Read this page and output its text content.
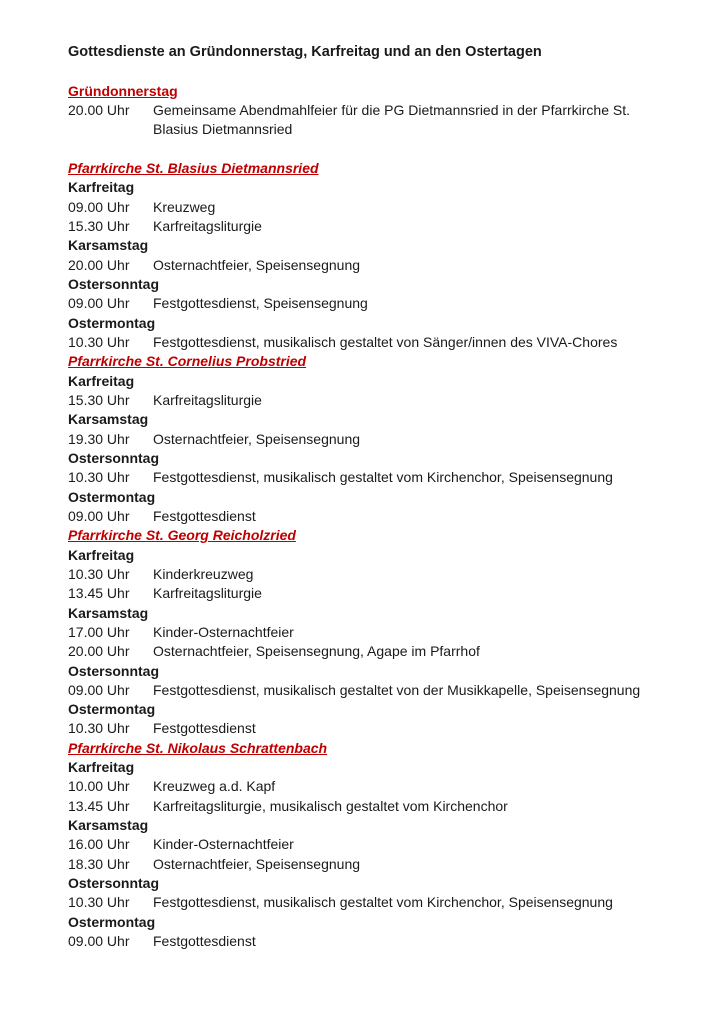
Gottesdienste an Gründonnerstag, Karfreitag und an den Ostertagen
Gründonnerstag
20.00 Uhr	Gemeinsame Abendmahlfeier für die PG Dietmannsried in der Pfarrkirche St. Blasius Dietmannsried
Pfarrkirche St. Blasius Dietmannsried
Karfreitag
09.00 Uhr	Kreuzweg
15.30 Uhr	Karfreitagsliturgie
Karsamstag
20.00 Uhr	Osternachtfeier, Speisensegnung
Ostersonntag
09.00 Uhr	Festgottesdienst, Speisensegnung
Ostermontag
10.30 Uhr	Festgottesdienst, musikalisch gestaltet von Sänger/innen des VIVA-Chores
Pfarrkirche St. Cornelius Probstried
Karfreitag
15.30 Uhr	Karfreitagsliturgie
Karsamstag
19.30 Uhr	Osternachtfeier, Speisensegnung
Ostersonntag
10.30 Uhr	Festgottesdienst, musikalisch gestaltet vom Kirchenchor, Speisensegnung
Ostermontag
09.00 Uhr	Festgottesdienst
Pfarrkirche St. Georg Reicholzried
Karfreitag
10.30 Uhr	Kinderkreuzweg
13.45 Uhr	Karfreitagsliturgie
Karsamstag
17.00 Uhr	Kinder-Osternachtfeier
20.00 Uhr	Osternachtfeier, Speisensegnung, Agape im Pfarrhof
Ostersonntag
09.00 Uhr	Festgottesdienst, musikalisch gestaltet von der Musikkapelle, Speisensegnung
Ostermontag
10.30 Uhr	Festgottesdienst
Pfarrkirche St. Nikolaus Schrattenbach
Karfreitag
10.00 Uhr	Kreuzweg a.d. Kapf
13.45 Uhr	Karfreitagsliturgie, musikalisch gestaltet vom Kirchenchor
Karsamstag
16.00 Uhr	Kinder-Osternachtfeier
18.30 Uhr	Osternachtfeier, Speisensegnung
Ostersonntag
10.30 Uhr	Festgottesdienst, musikalisch gestaltet vom Kirchenchor, Speisensegnung
Ostermontag
09.00 Uhr	Festgottesdienst
